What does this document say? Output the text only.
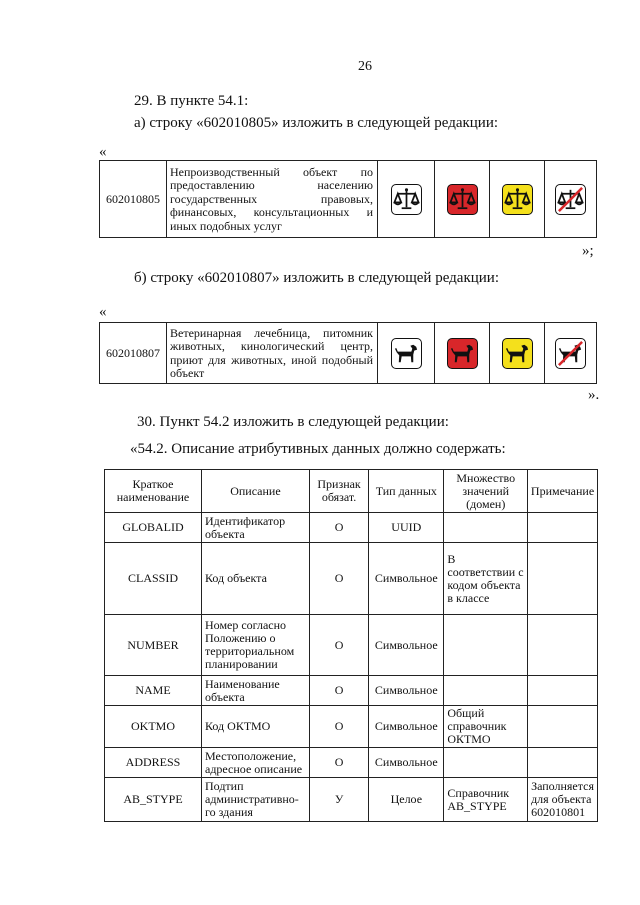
26
29. В пункте 54.1:
а) строку «602010805» изложить в следующей редакции:
«
602010805	
Непроизводственный объект по
предоставлению населению
государственных правовых,
финансовых, консультационных и
иных подобных услуг

»;
б) строку «602010807» изложить в следующей редакции:
«
602010807	
Ветеринарная лечебница, питомник
животных, кинологический центр,
приют для животных, иной подобный
объект

».
30. Пункт 54.2 изложить в следующей редакции:
«54.2. Описание атрибутивных данных должно содержать:
Краткое наименование	Описание	Признак обязат.	Тип данных	Множество значений (домен)	Примечание
GLOBALID	Идентификатор объекта	О	UUID		
CLASSID	Код объекта	О	Символьное	В соответствии с кодом объекта в классе	
NUMBER	Номер согласно Положению о территориальном планировании	О	Символьное		
NAME	Наименование объекта	О	Символьное		
OKTMO	Код ОКТМО	О	Символьное	Общий справочник ОКТМО	
ADDRESS	Местоположение, адресное описание	О	Символьное		
AB_STYPE	Подтип административно-го здания	У	Целое	Справочник AB_STYPE	Заполняется для объекта 602010801
